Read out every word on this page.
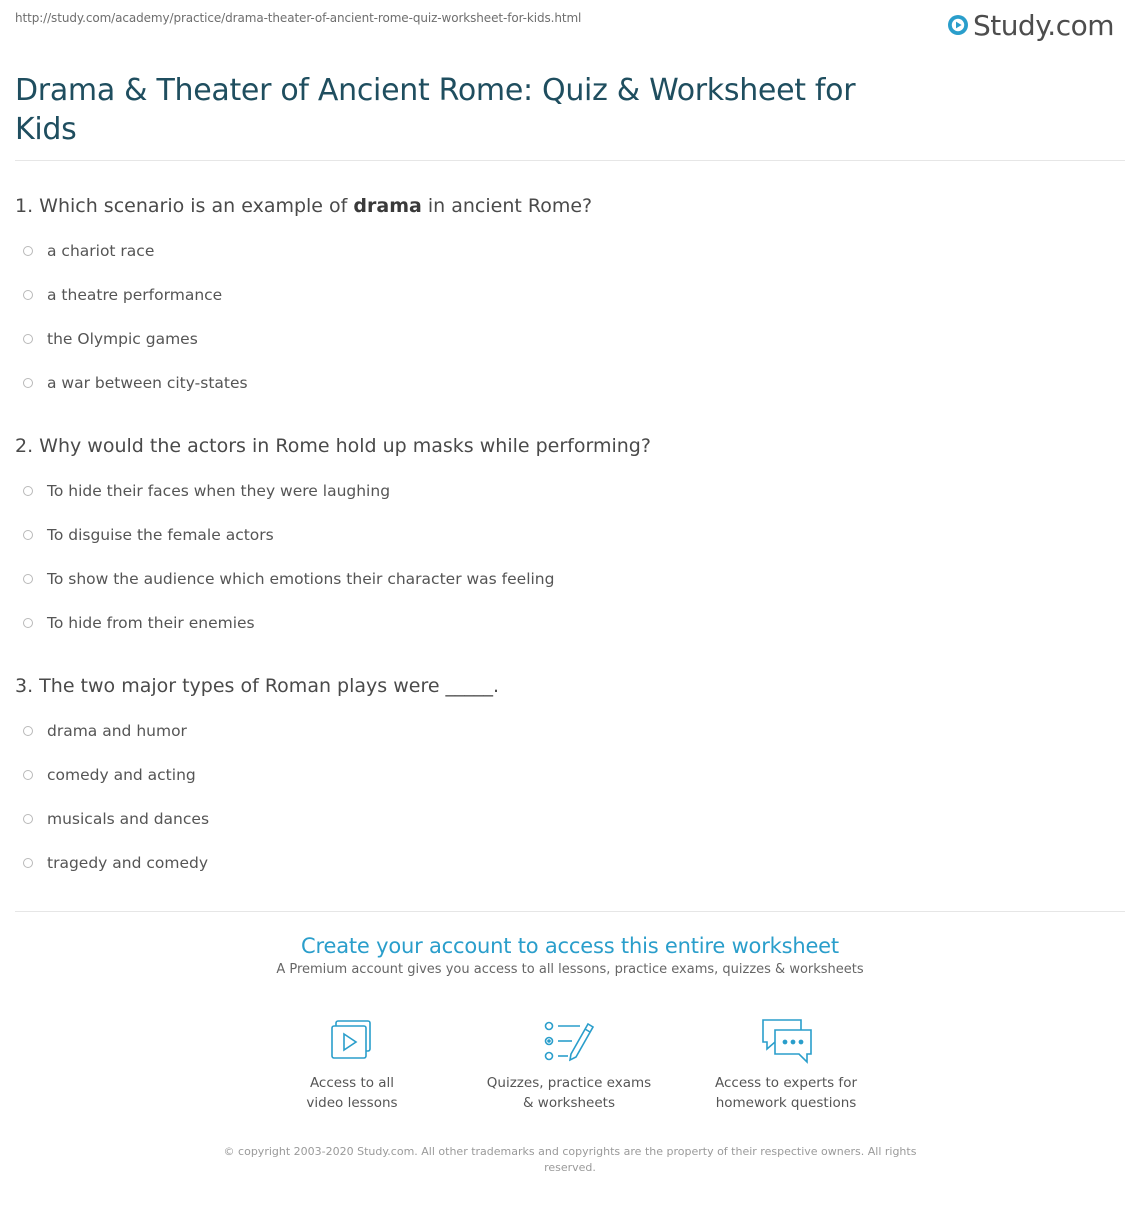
http://study.com/academy/practice/drama-theater-of-ancient-rome-quiz-worksheet-for-kids.html	Study.com
Drama & Theater of Ancient Rome: Quiz & Worksheet for Kids
1. Which scenario is an example of drama in ancient Rome?
a chariot race
a theatre performance
the Olympic games
a war between city-states
2. Why would the actors in Rome hold up masks while performing?
To hide their faces when they were laughing
To disguise the female actors
To show the audience which emotions their character was feeling
To hide from their enemies
3. The two major types of Roman plays were _____.
drama and humor
comedy and acting
musicals and dances
tragedy and comedy
Create your account to access this entire worksheet
A Premium account gives you access to all lessons, practice exams, quizzes & worksheets
Access to all
video lessons
Quizzes, practice exams
& worksheets
Access to experts for
homework questions
© copyright 2003-2020 Study.com. All other trademarks and copyrights are the property of their respective owners. All rights reserved.
